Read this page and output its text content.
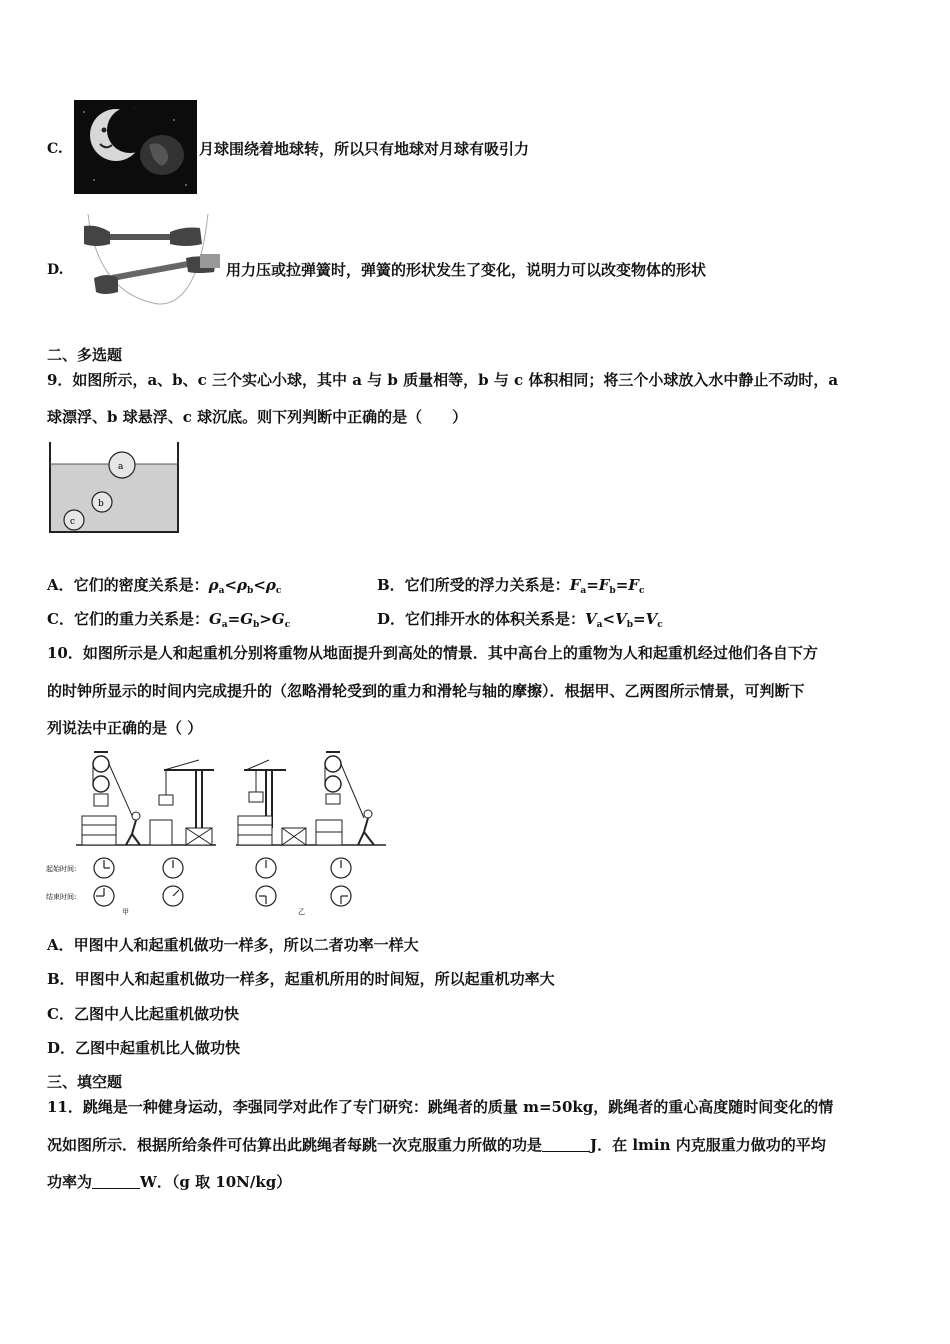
C.	月球围绕着地球转，所以只有地球对月球有吸引力
D.	用力压或拉弹簧时，弹簧的形状发生了变化，说明力可以改变物体的形状
二、多选题
9．如图所示，a、b、c 三个实心小球，其中 a 与 b 质量相等，b 与 c 体积相同；将三个小球放入水中静止不动时，a
球漂浮、b 球悬浮、c 球沉底。则下列判断中正确的是（　　）
a
b
c
A．它们的密度关系是：$\rho_a<\rho_b<\rho_c$	B．它们所受的浮力关系是：$F_a=F_b=F_c$
C．它们的重力关系是：$G_a=G_b>G_c$	D．它们排开水的体积关系是：$V_a<V_b=V_c$
10．如图所示是人和起重机分别将重物从地面提升到高处的情景．其中高台上的重物为人和起重机经过他们各自下方
的时钟所显示的时间内完成提升的（忽略滑轮受到的重力和滑轮与轴的摩擦）．根据甲、乙两图所示情景，可判断下
列说法中正确的是（ ）
起始时间:
结束时间:
甲	乙
A．甲图中人和起重机做功一样多，所以二者功率一样大
B．甲图中人和起重机做功一样多，起重机所用的时间短，所以起重机功率大
C．乙图中人比起重机做功快
D．乙图中起重机比人做功快
三、填空题
11．跳绳是一种健身运动，李强同学对此作了专门研究：跳绳者的质量 m=50kg，跳绳者的重心高度随时间变化的情
况如图所示．根据所给条件可估算出此跳绳者每跳一次克服重力所做的功是	J．在 lmin 内克服重力做功的平均
功率为	W．（g 取 10N/kg）
